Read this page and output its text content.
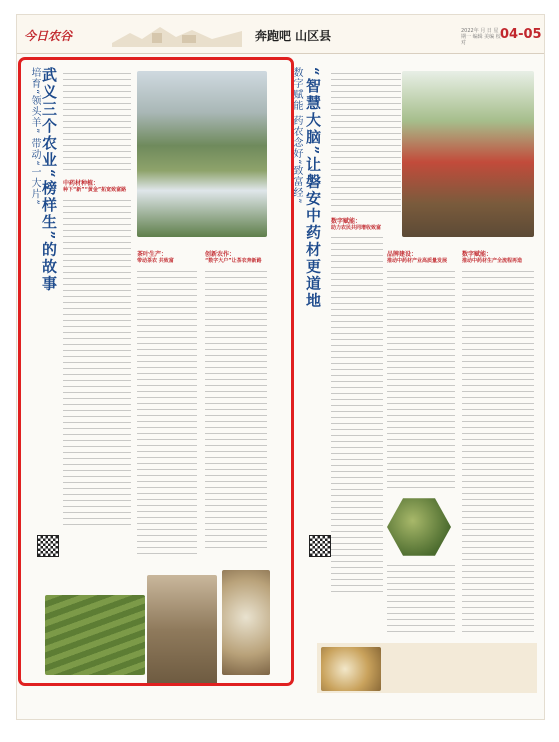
今日农谷	奔跑吧 山区县	2022年 月 日 星期一 编辑 美编 校对
04-05
培育“领头羊” 带动“一大片” 武义三个农业“榜样生”的故事 中药材种植：
种下“新”“黄金”拓宽致富路

茶叶生产：
带动茶农 共致富
创新农作：
“数字大户”让茶农奔新路
数字赋能 药农念好“致富经” “智慧大脑”让磐安中药材更道地	数字赋能：
助力农民共同增收致富
品牌建设：
推动中药材产业高质量发展
数字赋能：
推动中药材生产全流程再造
